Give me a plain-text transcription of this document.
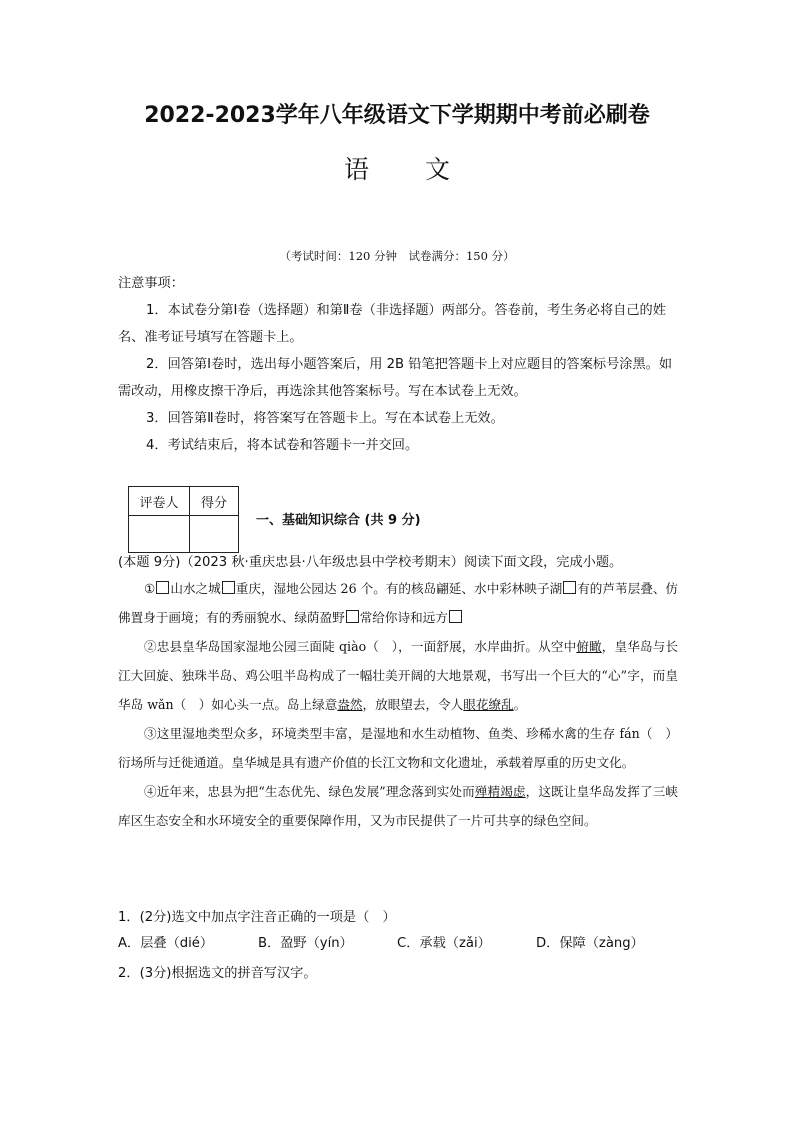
2022-2023学年八年级语文下学期期中考前必刷卷
语 文
（考试时间：120 分钟　试卷满分：150 分）

注意事项：

1．本试卷分第Ⅰ卷（选择题）和第Ⅱ卷（非选择题）两部分。答卷前，考生务必将自己的姓名、准考证号填写在答题卡上。

2．回答第Ⅰ卷时，选出每小题答案后，用 2B 铅笔把答题卡上对应题目的答案标号涂黑。如需改动，用橡皮擦干净后，再选涂其他答案标号。写在本试卷上无效。

3．回答第Ⅱ卷时，将答案写在答题卡上。写在本试卷上无效。

4．考试结束后，将本试卷和答题卡一并交回。

评卷人	得分

一、基础知识综合 (共 9 分)
(本题 9分)（2023 秋·重庆忠县·八年级忠县中学校考期末）阅读下面文段，完成小题。

① 山水之城 重庆，湿地公园达 26 个。有的核岛翩延、水中彩林映子湖 有的芦苇层叠、仿佛置身于画境；有的秀丽貌水、绿荫盈野 常给你诗和远方

②忠县皇华岛国家湿地公园三面陡 qiào（　），一面舒展，水岸曲折。从空中俯瞰，皇华岛与长江大回旋、独珠半岛、鸡公咀半岛构成了一幅壮美开阔的大地景观，书写出一个巨大的“心”字，而皇华岛 wǎn（　）如心头一点。岛上绿意盎然，放眼望去，令人眼花缭乱。

③这里湿地类型众多，环境类型丰富，是湿地和水生动植物、鱼类、珍稀水禽的生存 fán（　）衍场所与迁徙通道。皇华城是具有遗产价值的长江文物和文化遗址，承载着厚重的历史文化。

④近年来，忠县为把“生态优先、绿色发展”理念落到实处而殚精竭虑，这既让皇华岛发挥了三峡库区生态安全和水环境安全的重要保障作用，又为市民提供了一片可共享的绿色空间。

1．(2分)选文中加点字注音正确的一项是（　）
A．层叠（dié）	B．盈野（yín）	C．承载（zǎi）	D．保障（zàng）
2．(3分)根据选文的拼音写汉字。
